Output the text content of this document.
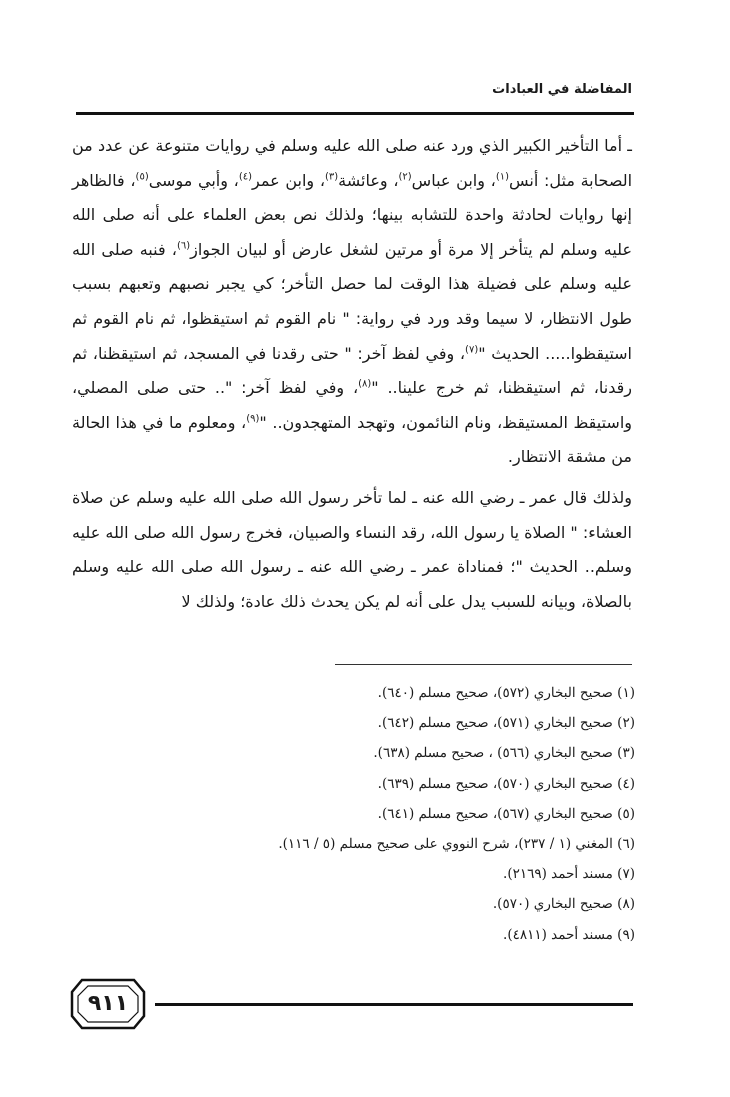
المفاضلة في العبادات

ـ أما التأخير الكبير الذي ورد عنه صلى الله عليه وسلم في روايات متنوعة عن عدد من الصحابة مثل: أنس$^{(١)}$، وابن عباس$^{(٢)}$، وعائشة$^{(٣)}$، وابن عمر$^{(٤)}$، وأبي موسى$^{(٥)}$، فالظاهر إنها روايات لحادثة واحدة للتشابه بينها؛ ولذلك نص بعض العلماء على أنه صلى الله عليه وسلم لم يتأخر إلا مرة أو مرتين لشغل عارض أو لبيان الجواز$^{(٦)}$، فنبه صلى الله عليه وسلم على فضيلة هذا الوقت لما حصل التأخر؛ كي يجبر نصبهم وتعبهم بسبب طول الانتظار، لا سيما وقد ورد في رواية: " نام القوم ثم استيقظوا، ثم نام القوم ثم استيقظوا..... الحديث "$^{(٧)}$، وفي لفظ آخر: " حتى رقدنا في المسجد، ثم استيقظنا، ثم رقدنا، ثم استيقظنا، ثم خرج علينا.. "$^{(٨)}$، وفي لفظ آخر: ".. حتى صلى المصلي، واستيقظ المستيقظ، ونام النائمون، وتهجد المتهجدون.. "$^{(٩)}$، ومعلوم ما في هذا الحالة من مشقة الانتظار.

ولذلك قال عمر ـ رضي الله عنه ـ لما تأخر رسول الله صلى الله عليه وسلم عن صلاة العشاء: " الصلاة يا رسول الله، رقد النساء والصبيان، فخرج رسول الله صلى الله عليه وسلم.. الحديث "؛ فمناداة عمر ـ رضي الله عنه ـ رسول الله صلى الله عليه وسلم بالصلاة، وبيانه للسبب يدل على أنه لم يكن يحدث ذلك عادة؛ ولذلك لا

(١) صحيح البخاري (٥٧٢)، صحيح مسلم (٦٤٠).
(٢) صحيح البخاري (٥٧١)، صحيح مسلم (٦٤٢).
(٣) صحيح البخاري (٥٦٦) ، صحيح مسلم (٦٣٨).
(٤) صحيح البخاري (٥٧٠)، صحيح مسلم (٦٣٩).
(٥) صحيح البخاري (٥٦٧)، صحيح مسلم (٦٤١).
(٦) المغني (١ / ٢٣٧)، شرح النووي على صحيح مسلم (٥ / ١١٦).
(٧) مسند أحمد (٢١٦٩).
(٨) صحيح البخاري (٥٧٠).
(٩) مسند أحمد (٤٨١١).
٩١١
